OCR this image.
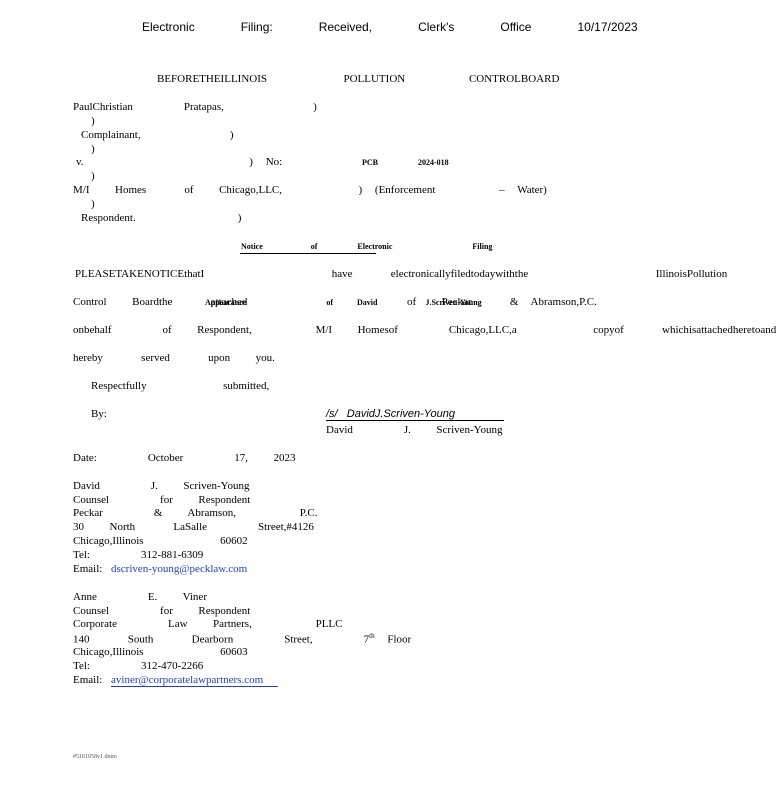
Electronic   Filing:   Received,   Clerk's   Office   10/17/2023
BEFORETHEILLINOIS      POLLUTION     CONTROLBOARD
PaulChristian    Pratapas,       )
)
Complainant,       )
)
v.             ) No:	PCB     2024-018
)
M/I  Homes   of  Chicago,LLC,      ) (Enforcement     – Water)
)
Respondent.        )
Notice      of     Electronic          Filing
PLEASETAKENOTICEthatI          have   electronicallyfiledtodaywiththe          IllinoisPollution
Control  Boardthe   attached
Appearance          of   David      J.Scriven-Young
of  Peckar   & Abramson,P.C.
onbehalf    of  Respondent,     M/I  Homesof    Chicago,LLC,a      copyof   whichisattachedheretoand
hereby   served   upon  you.
Respectfully      submitted,
By:	/s/   DavidJ.Scriven-Young
David    J.  Scriven-Young
Date:    October    17,  2023
David    J.  Scriven-Young
Counsel    for  Respondent
Peckar    &  Abramson,     P.C.
30  North   LaSalle    Street,#4126
Chicago,Illinois      60602
Tel:    312-881-6309
Email: dscriven-young@pecklaw.com
Anne    E.  Viner
Counsel    for  Respondent
Corporate    Law  Partners,     PLLC
140   South   Dearborn    Street,	7th Floor
Chicago,Illinois      60603
Tel:    312-470-2266
Email: aviner@corporatelawpartners.com
#5161058v1 dmm
